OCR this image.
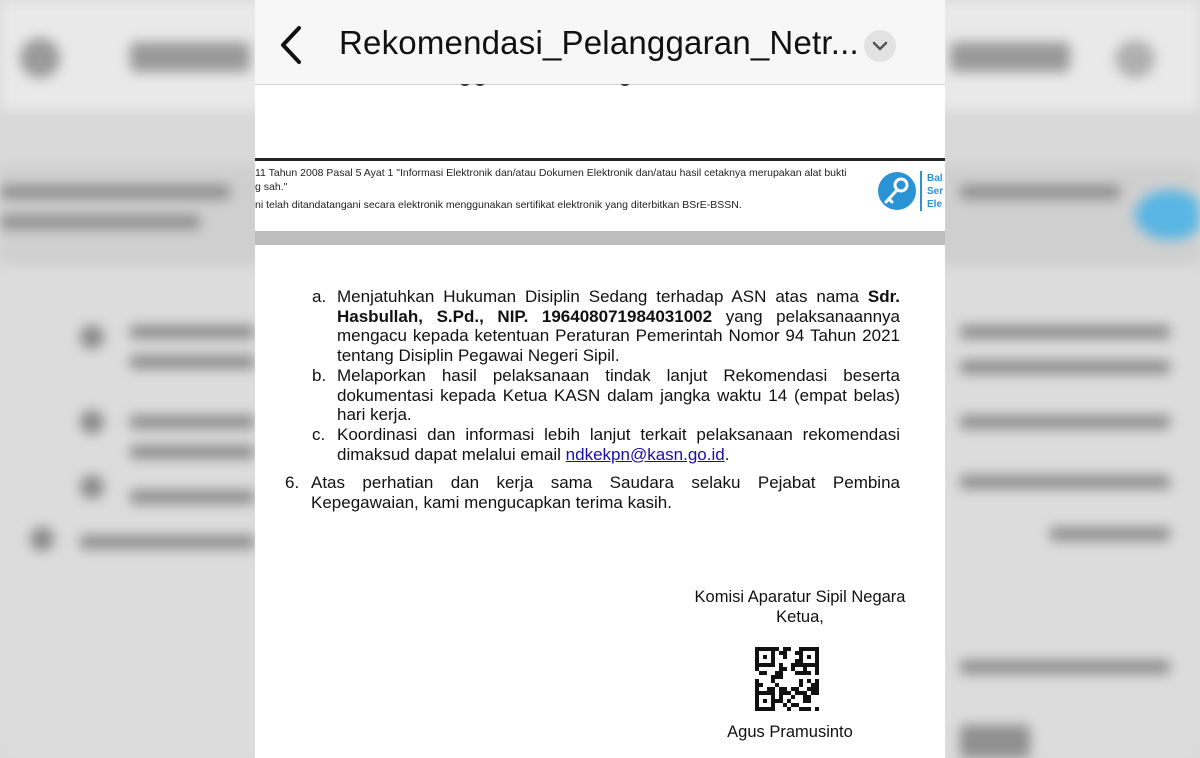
Rekomendasi_Pelanggaran_Netr...
11 Tahun 2008 Pasal 5 Ayat 1 "Informasi Elektronik dan/atau Dokumen Elektronik dan/atau hasil cetaknya merupakan alat bukti
g sah."
ni telah ditandatangani secara elektronik menggunakan sertifikat elektronik yang diterbitkan BSrE-BSSN.
Bal
Ser
Ele
a. Menjatuhkan Hukuman Disiplin Sedang terhadap ASN atas nama Sdr. Hasbullah, S.Pd., NIP. 196408071984031002 yang pelaksanaannya mengacu kepada ketentuan Peraturan Pemerintah Nomor 94 Tahun 2021 tentang Disiplin Pegawai Negeri Sipil.
b. Melaporkan hasil pelaksanaan tindak lanjut Rekomendasi beserta dokumentasi kepada Ketua KASN dalam jangka waktu 14 (empat belas) hari kerja.
c. Koordinasi dan informasi lebih lanjut terkait pelaksanaan rekomendasi dimaksud dapat melalui email ndkekpn@kasn.go.id.
6. Atas perhatian dan kerja sama Saudara selaku Pejabat Pembina Kepegawaian, kami mengucapkan terima kasih.
Komisi Aparatur Sipil Negara
Ketua,
Agus Pramusinto
